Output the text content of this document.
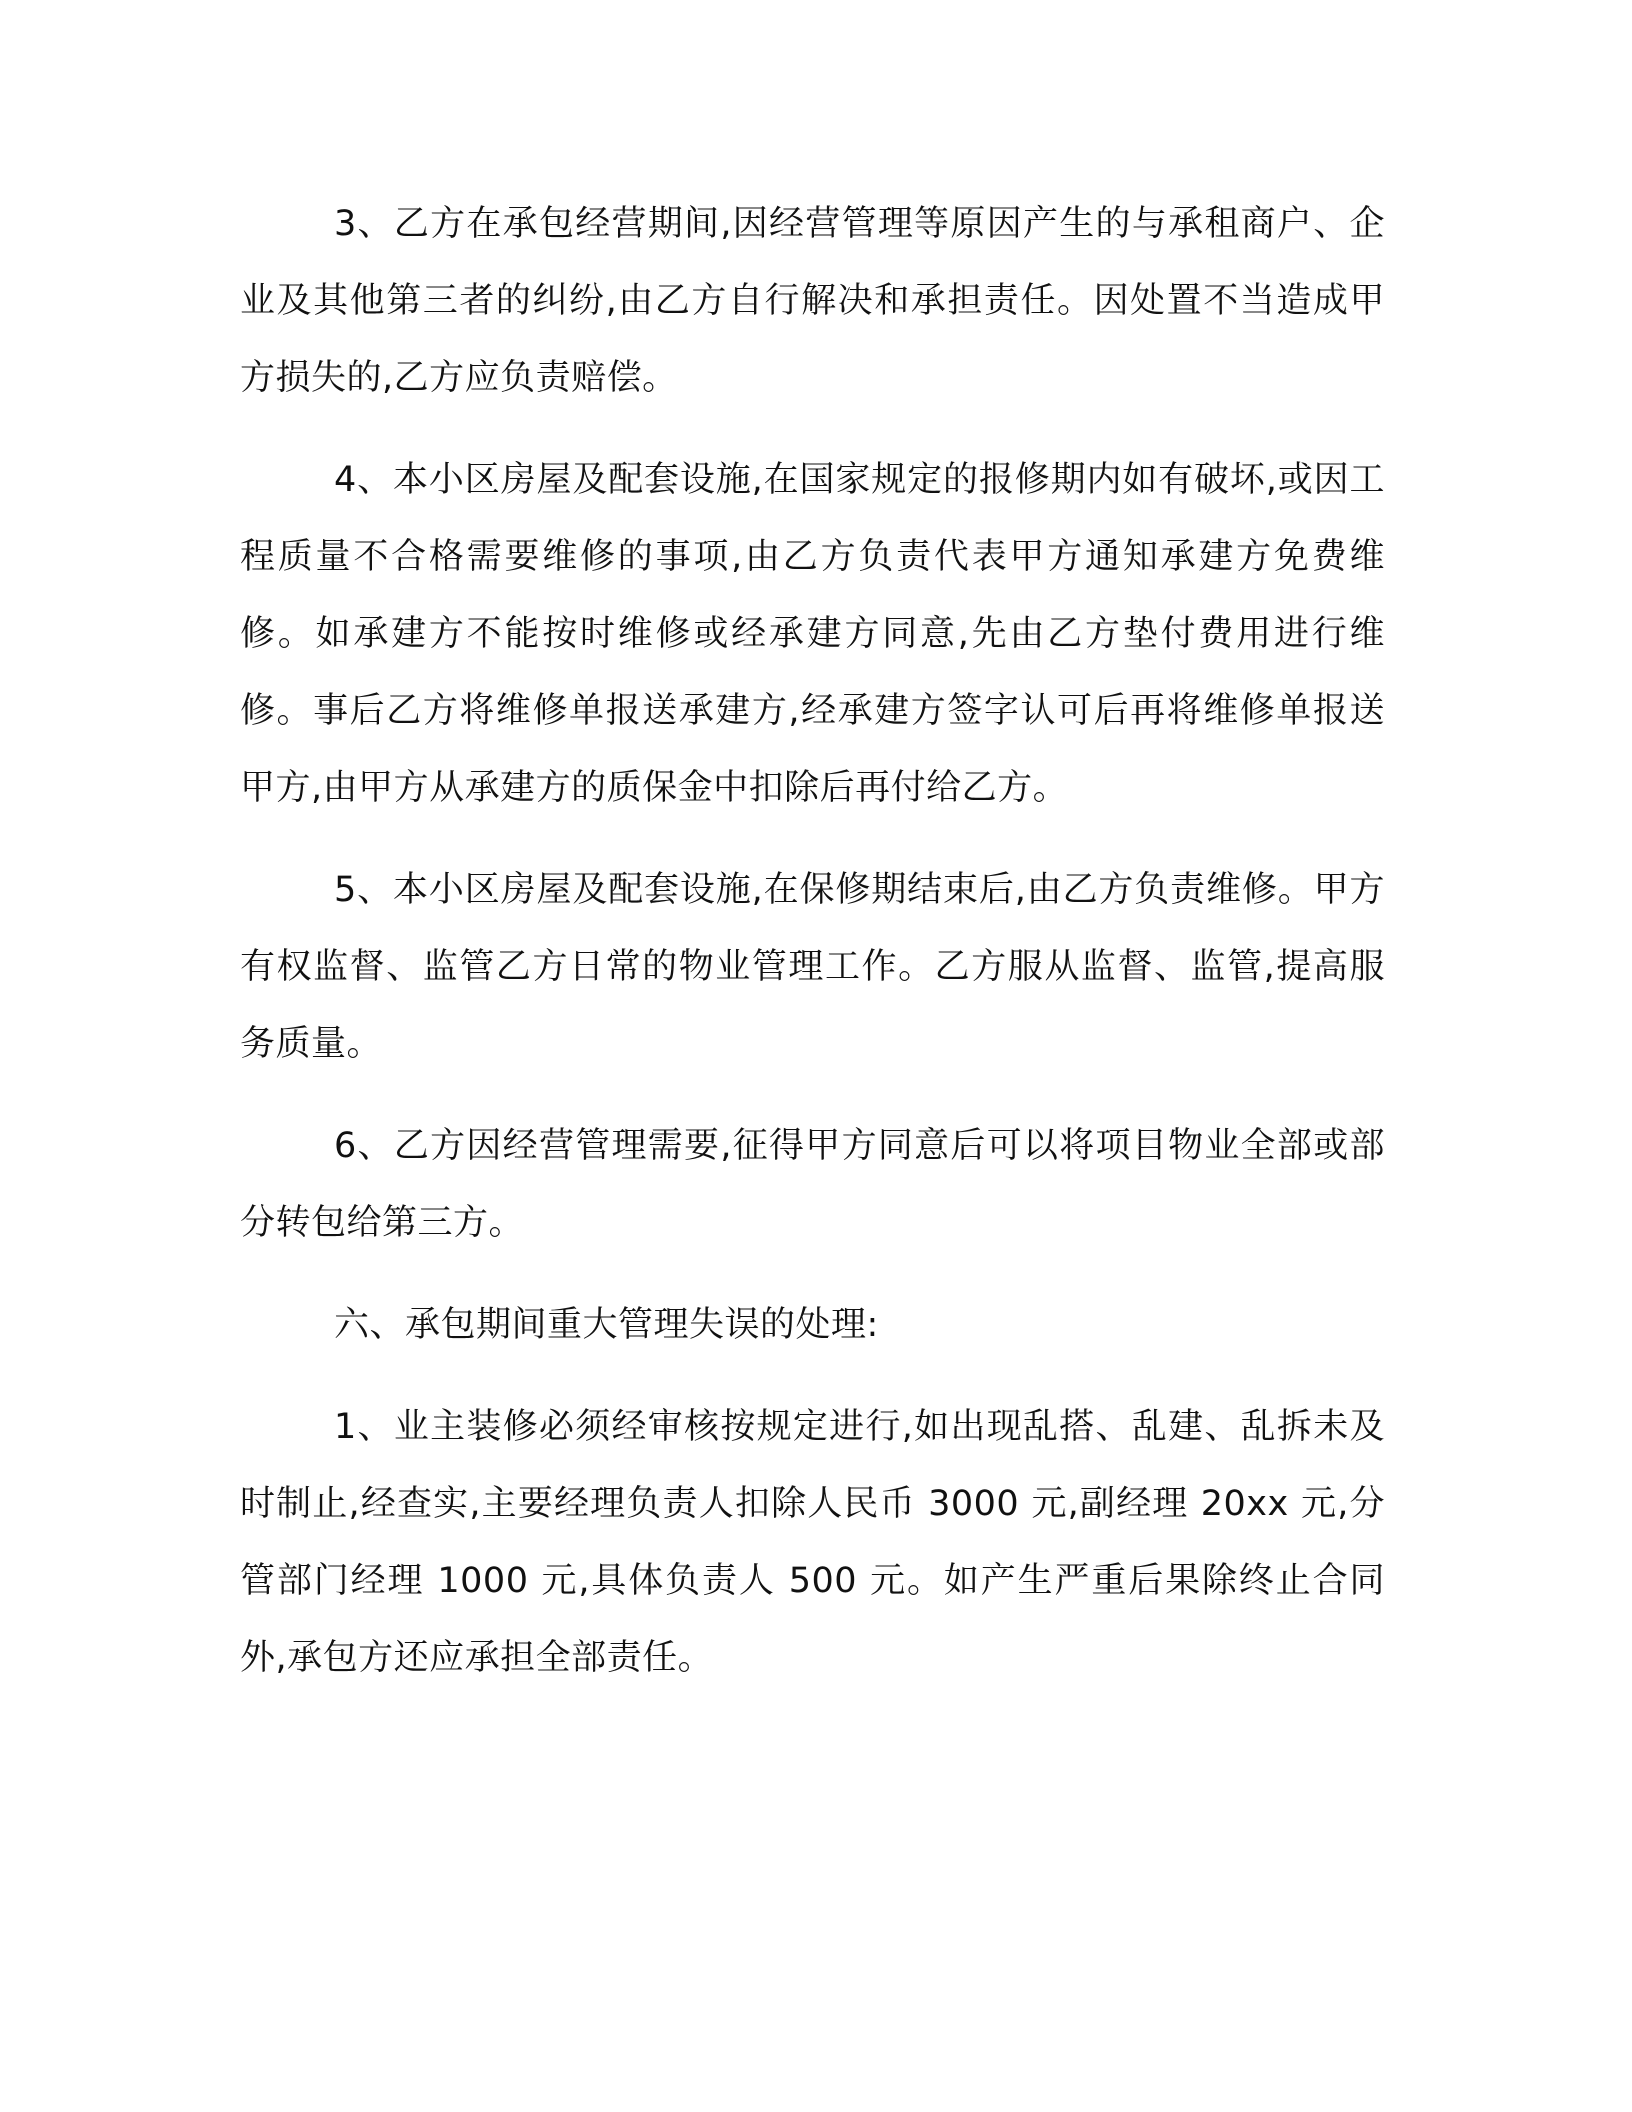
3、乙方在承包经营期间,因经营管理等原因产生的与承租商户、企业及其他第三者的纠纷,由乙方自行解决和承担责任。因处置不当造成甲方损失的,乙方应负责赔偿。

4、本小区房屋及配套设施,在国家规定的报修期内如有破坏,或因工程质量不合格需要维修的事项,由乙方负责代表甲方通知承建方免费维修。如承建方不能按时维修或经承建方同意,先由乙方垫付费用进行维修。事后乙方将维修单报送承建方,经承建方签字认可后再将维修单报送甲方,由甲方从承建方的质保金中扣除后再付给乙方。

5、本小区房屋及配套设施,在保修期结束后,由乙方负责维修。甲方有权监督、监管乙方日常的物业管理工作。乙方服从监督、监管,提高服务质量。

6、乙方因经营管理需要,征得甲方同意后可以将项目物业全部或部分转包给第三方。

六、承包期间重大管理失误的处理:

1、业主装修必须经审核按规定进行,如出现乱搭、乱建、乱拆未及时制止,经查实,主要经理负责人扣除人民币 3000 元,副经理 20xx 元,分管部门经理 1000 元,具体负责人 500 元。如产生严重后果除终止合同外,承包方还应承担全部责任。
